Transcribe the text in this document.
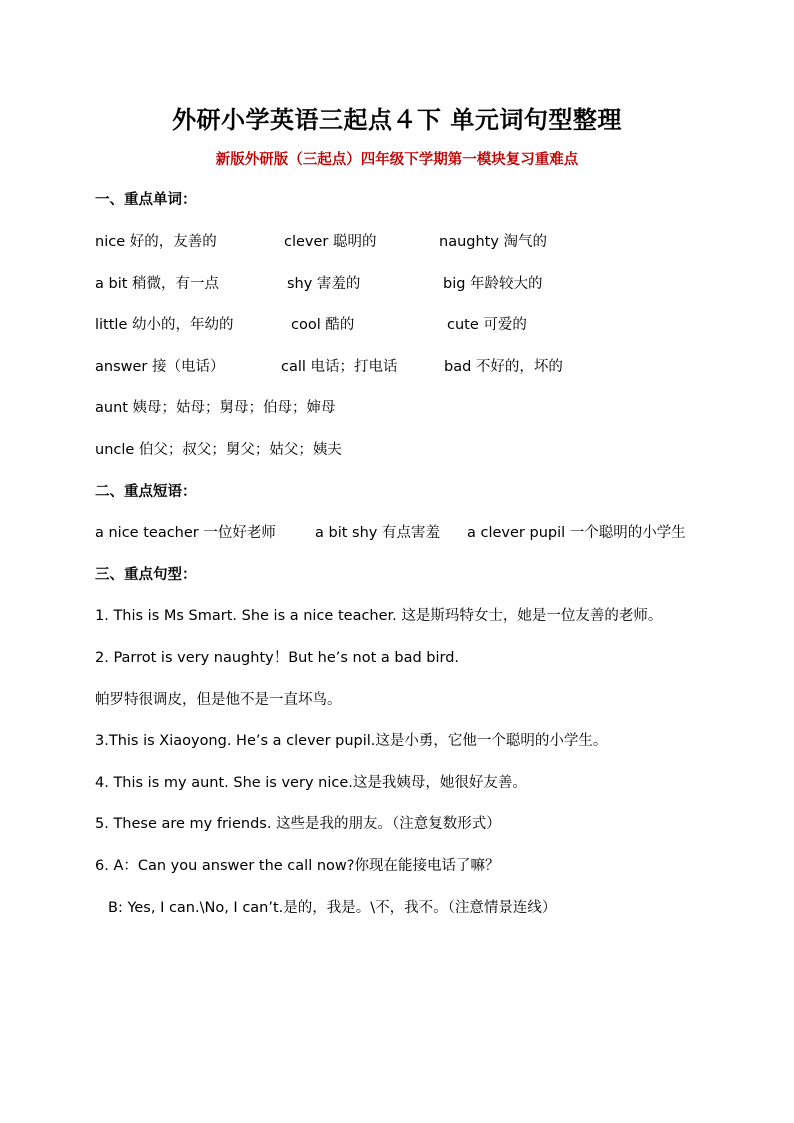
外研小学英语三起点４下 单元词句型整理
新版外研版（三起点）四年级下学期第一模块复习重难点
一、重点单词：
nice 好的，友善的	clever 聪明的	naughty 淘气的
a bit 稍微，有一点	shy 害羞的	big 年龄较大的
little 幼小的，年幼的	cool 酷的	cute 可爱的
answer 接（电话）	call 电话；打电话	bad 不好的，坏的
aunt 姨母；姑母；舅母；伯母；婶母
uncle 伯父；叔父；舅父；姑父；姨夫
二、重点短语：
a nice teacher 一位好老师	a bit shy 有点害羞 a clever pupil 一个聪明的小学生
三、重点句型：
1. This is Ms Smart. She is a nice teacher. 这是斯玛特女士，她是一位友善的老师。
2. Parrot is very naughty！But he’s not a bad bird.
帕罗特很调皮，但是他不是一直坏鸟。
3.This is Xiaoyong. He’s a clever pupil.这是小勇，它他一个聪明的小学生。
4. This is my aunt. She is very nice.这是我姨母，她很好友善。
5. These are my friends. 这些是我的朋友。（注意复数形式）
6. A：Can you answer the call now?你现在能接电话了嘛？
B: Yes, I can.\No, I can’t.是的，我是。\不，我不。（注意情景连线）
